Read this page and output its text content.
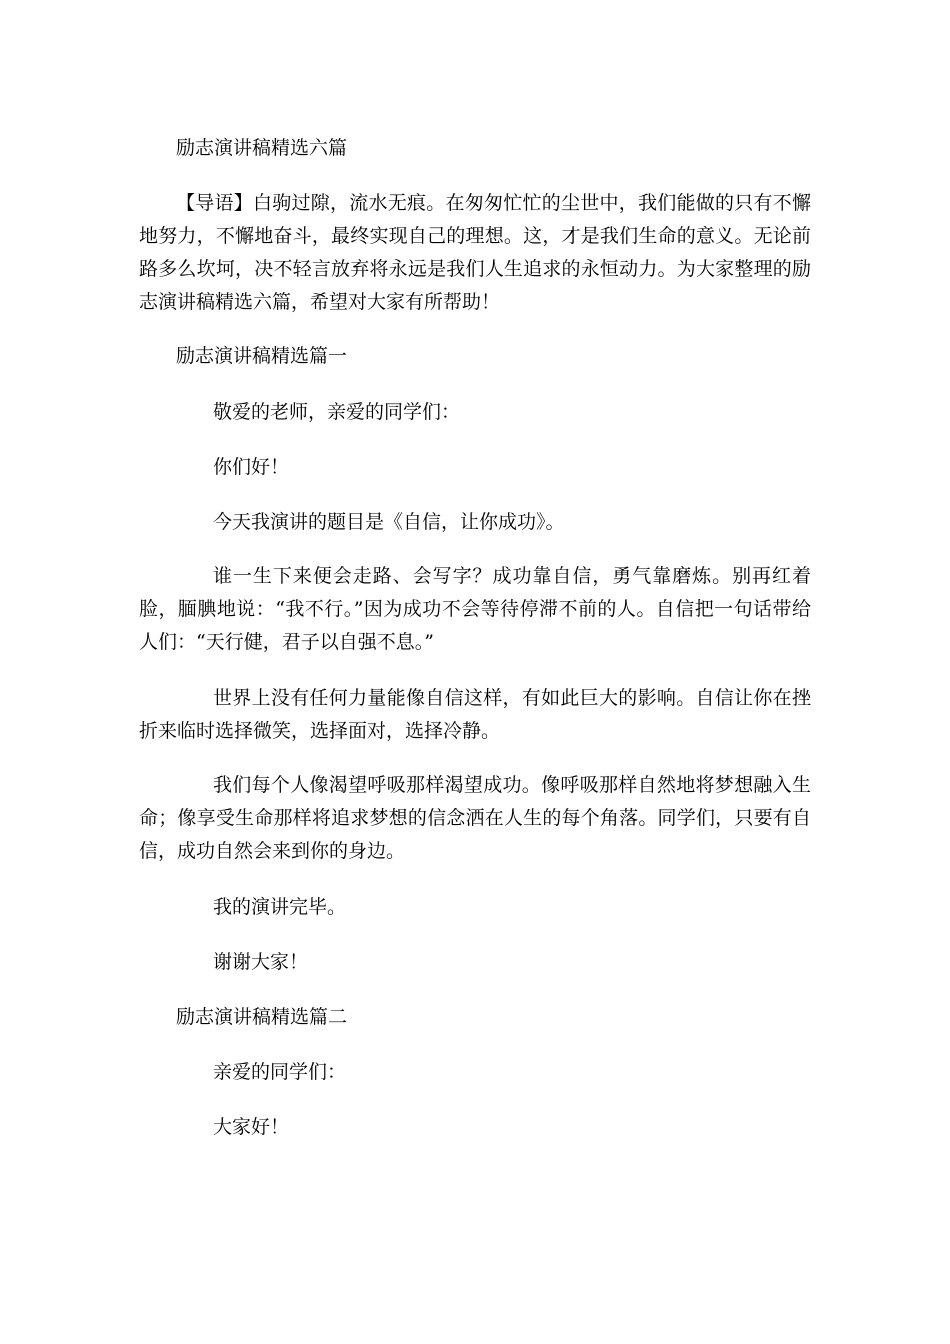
励志演讲稿精选六篇
【导语】白驹过隙，流水无痕。在匆匆忙忙的尘世中，我们能做的只有不懈地努力，不懈地奋斗，最终实现自己的理想。这，才是我们生命的意义。无论前路多么坎坷，决不轻言放弃将永远是我们人生追求的永恒动力。为大家整理的励志演讲稿精选六篇，希望对大家有所帮助！
励志演讲稿精选篇一
敬爱的老师，亲爱的同学们：
你们好！
今天我演讲的题目是《自信，让你成功》。
谁一生下来便会走路、会写字？成功靠自信，勇气靠磨炼。别再红着脸，腼腆地说：“我不行。”因为成功不会等待停滞不前的人。自信把一句话带给人们：“天行健，君子以自强不息。”
世界上没有任何力量能像自信这样，有如此巨大的影响。自信让你在挫折来临时选择微笑，选择面对，选择冷静。
我们每个人像渴望呼吸那样渴望成功。像呼吸那样自然地将梦想融入生命；像享受生命那样将追求梦想的信念洒在人生的每个角落。同学们，只要有自信，成功自然会来到你的身边。
我的演讲完毕。
谢谢大家！
励志演讲稿精选篇二
亲爱的同学们：
大家好！
